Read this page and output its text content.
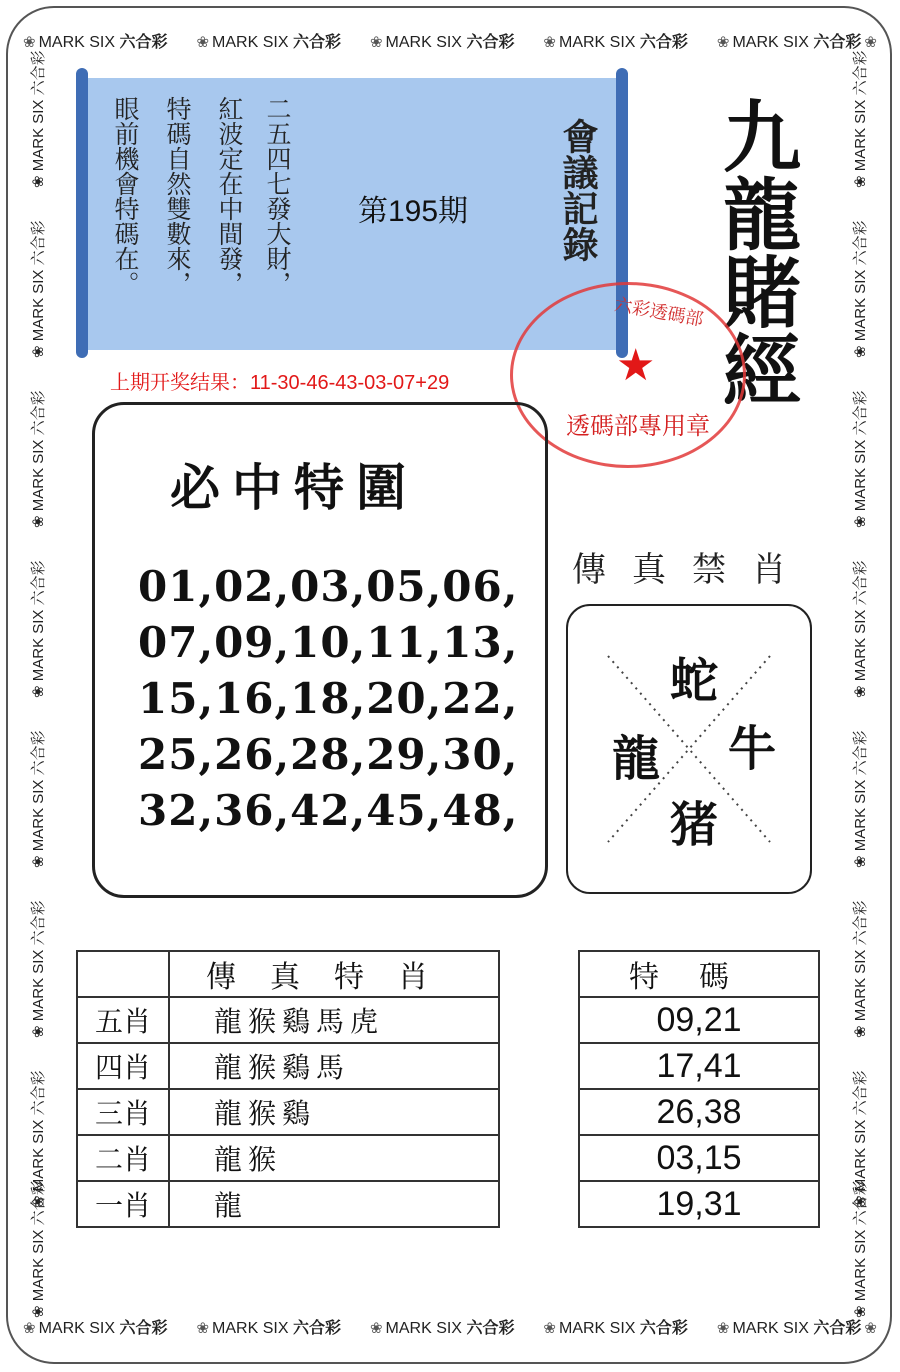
❀ MARK SIX 六合彩 ❀ MARK SIX 六合彩 ❀ MARK SIX 六合彩 ❀ MARK SIX 六合彩 ❀ MARK SIX 六合彩 ❀
❀ MARK SIX 六合彩 ❀ MARK SIX 六合彩 ❀ MARK SIX 六合彩 ❀ MARK SIX 六合彩 ❀ MARK SIX 六合彩 ❀
❀ MARK SIX 六合彩
❀ MARK SIX 六合彩
❀ MARK SIX 六合彩
❀ MARK SIX 六合彩
❀ MARK SIX 六合彩
❀ MARK SIX 六合彩
❀ MARK SIX 六合彩
❀ MARK SIX 六合彩
❀ MARK SIX 六合彩
❀ MARK SIX 六合彩
❀ MARK SIX 六合彩
❀ MARK SIX 六合彩
❀ MARK SIX 六合彩
❀ MARK SIX 六合彩
❀ MARK SIX 六合彩
❀ MARK SIX 六合彩
二五四七發大財，
紅波定在中間發，
特碼自然雙數來，
眼前機會特碼在。	第195期 會議記錄 九龍賭經
六彩透碼部
★
透碼部專用章
上期开奖结果：11-30-46-43-03-07+29
必中特圍
01,02,03,05,06,
07,09,10,11,13,
15,16,18,20,22,
25,26,28,29,30,
32,36,42,45,48,
傳真禁肖
蛇
龍 牛
猪
	傳真特肖
五肖	龍猴鷄馬虎
四肖	龍猴鷄馬
三肖	龍猴鷄
二肖	龍猴
一肖	龍
特碼
09,21
17,41
26,38
03,15
19,31
